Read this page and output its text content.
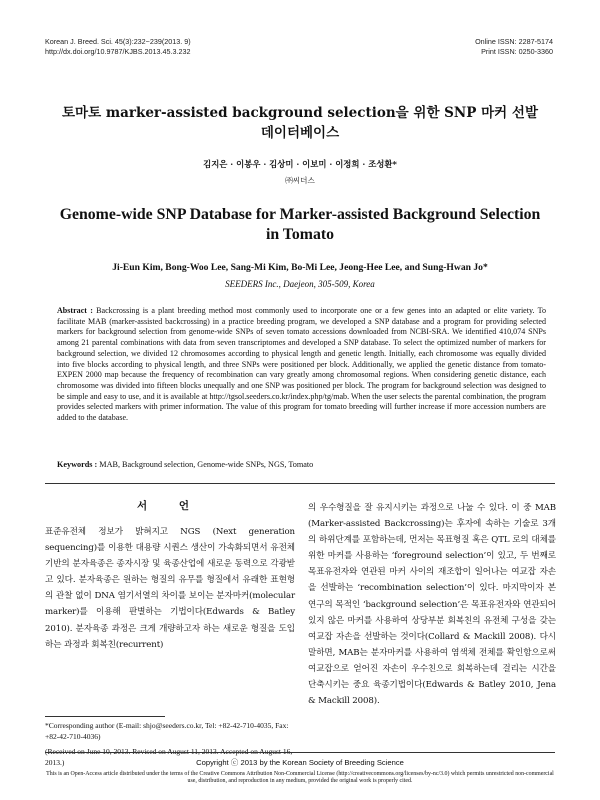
Korean J. Breed. Sci. 45(3):232~239(2013. 9)
http://dx.doi.org/10.9787/KJBS.2013.45.3.232
Online ISSN: 2287-5174
Print ISSN: 0250-3360
토마토 marker-assisted background selection을 위한 SNP 마커 선발
데이터베이스
김지은 · 이봉우 · 김상미 · 이보미 · 이정희 · 조성환*
㈜씨더스
Genome-wide SNP Database for Marker-assisted Background Selection
in Tomato
Ji-Eun Kim, Bong-Woo Lee, Sang-Mi Kim, Bo-Mi Lee, Jeong-Hee Lee, and Sung-Hwan Jo*
SEEDERS Inc., Daejeon, 305-509, Korea
Abstract : Backcrossing is a plant breeding method most commonly used to incorporate one or a few genes into an adapted or elite variety. To facilitate MAB (marker-assisted backcrossing) in a practice breeding program, we developed a SNP database and a program for providing selected markers for background selection from genome-wide SNPs of seven tomato accessions downloaded from NCBI-SRA. We identified 410,074 SNPs among 21 parental combinations with data from seven transcriptomes and developed a SNP database. To select the optimized number of markers for background selection, we divided 12 chromosomes according to physical length and genetic length. Initially, each chromosome was equally divided into five blocks according to physical length, and three SNPs were positioned per block. Additionally, we applied the genetic distance from tomato-EXPEN 2000 map because the frequency of recombination can vary greatly among chromosomal regions. When considering genetic distance, each chromosome was divided into fifteen blocks unequally and one SNP was positioned per block. The program for background selection was designed to be simple and easy to use, and it is available at http://tgsol.seeders.co.kr/index.php/tg/mab. When the user selects the parental combination, the program provides selected markers with primer information. The value of this program for tomato breeding will further increase if more accession numbers are added to the database.
Keywords : MAB, Background selection, Genome-wide SNPs, NGS, Tomato
서 언
표준유전체 정보가 밝혀지고 NGS (Next generation sequencing)를 이용한 대용량 시퀀스 생산이 가속화되면서 유전체 기반의 분자육종은 종자시장 및 육종산업에 새로운 동력으로 각광받고 있다. 분자육종은 원하는 형질의 유무를 형질에서 유래한 표현형의 관찰 없이 DNA 염기서열의 차이를 보이는 분자마커(molecular marker)를 이용해 판별하는 기법이다(Edwards & Batley 2010). 분자육종 과정은 크게 개량하고자 하는 새로운 형질을 도입하는 과정과 회복친(recurrent)
의 우수형질을 잘 유지시키는 과정으로 나눌 수 있다. 이 중 MAB (Marker-assisted Backcrossing)는 후자에 속하는 기술로 3개의 하위단계를 포함하는데, 먼저는 목표형질 혹은 QTL 로의 대체를 위한 마커를 사용하는 ‘foreground selection’이 있고, 두 번째로 목표유전자와 연관된 마커 사이의 재조합이 일어나는 여교잡 자손을 선발하는 ‘recombination selection’이 있다. 마지막이자 본 연구의 목적인 ‘background selection’은 목표유전자와 연관되어 있지 않은 마커를 사용하여 상당부분 회복친의 유전체 구성을 갖는 여교잡 자손을 선발하는 것이다(Collard & Mackill 2008). 다시 말하면, MAB는 분자마커를 사용하여 염색체 전체를 확인함으로써 여교잡으로 얻어진 자손이 우수친으로 회복하는데 걸리는 시간을 단축시키는 중요 육종기법이다(Edwards & Batley 2010, Jena & Mackill 2008).
*Corresponding author (E-mail: shjo@seeders.co.kr, Tel: +82-42-710-4035, Fax: +82-42-710-4036)
(Received on June 10, 2013. Revised on August 11, 2013. Accepted on August 16, 2013.)	Copyright ⓒ 2013 by the Korean Society of Breeding Science
This is an Open-Access article distributed under the terms of the Creative Commons Attribution Non-Commercial License (http://creativecommons.org/licenses/by-nc/3.0) which permits unrestricted non-commercial use, distribution, and reproduction in any medium, provided the original work is properly cited.
